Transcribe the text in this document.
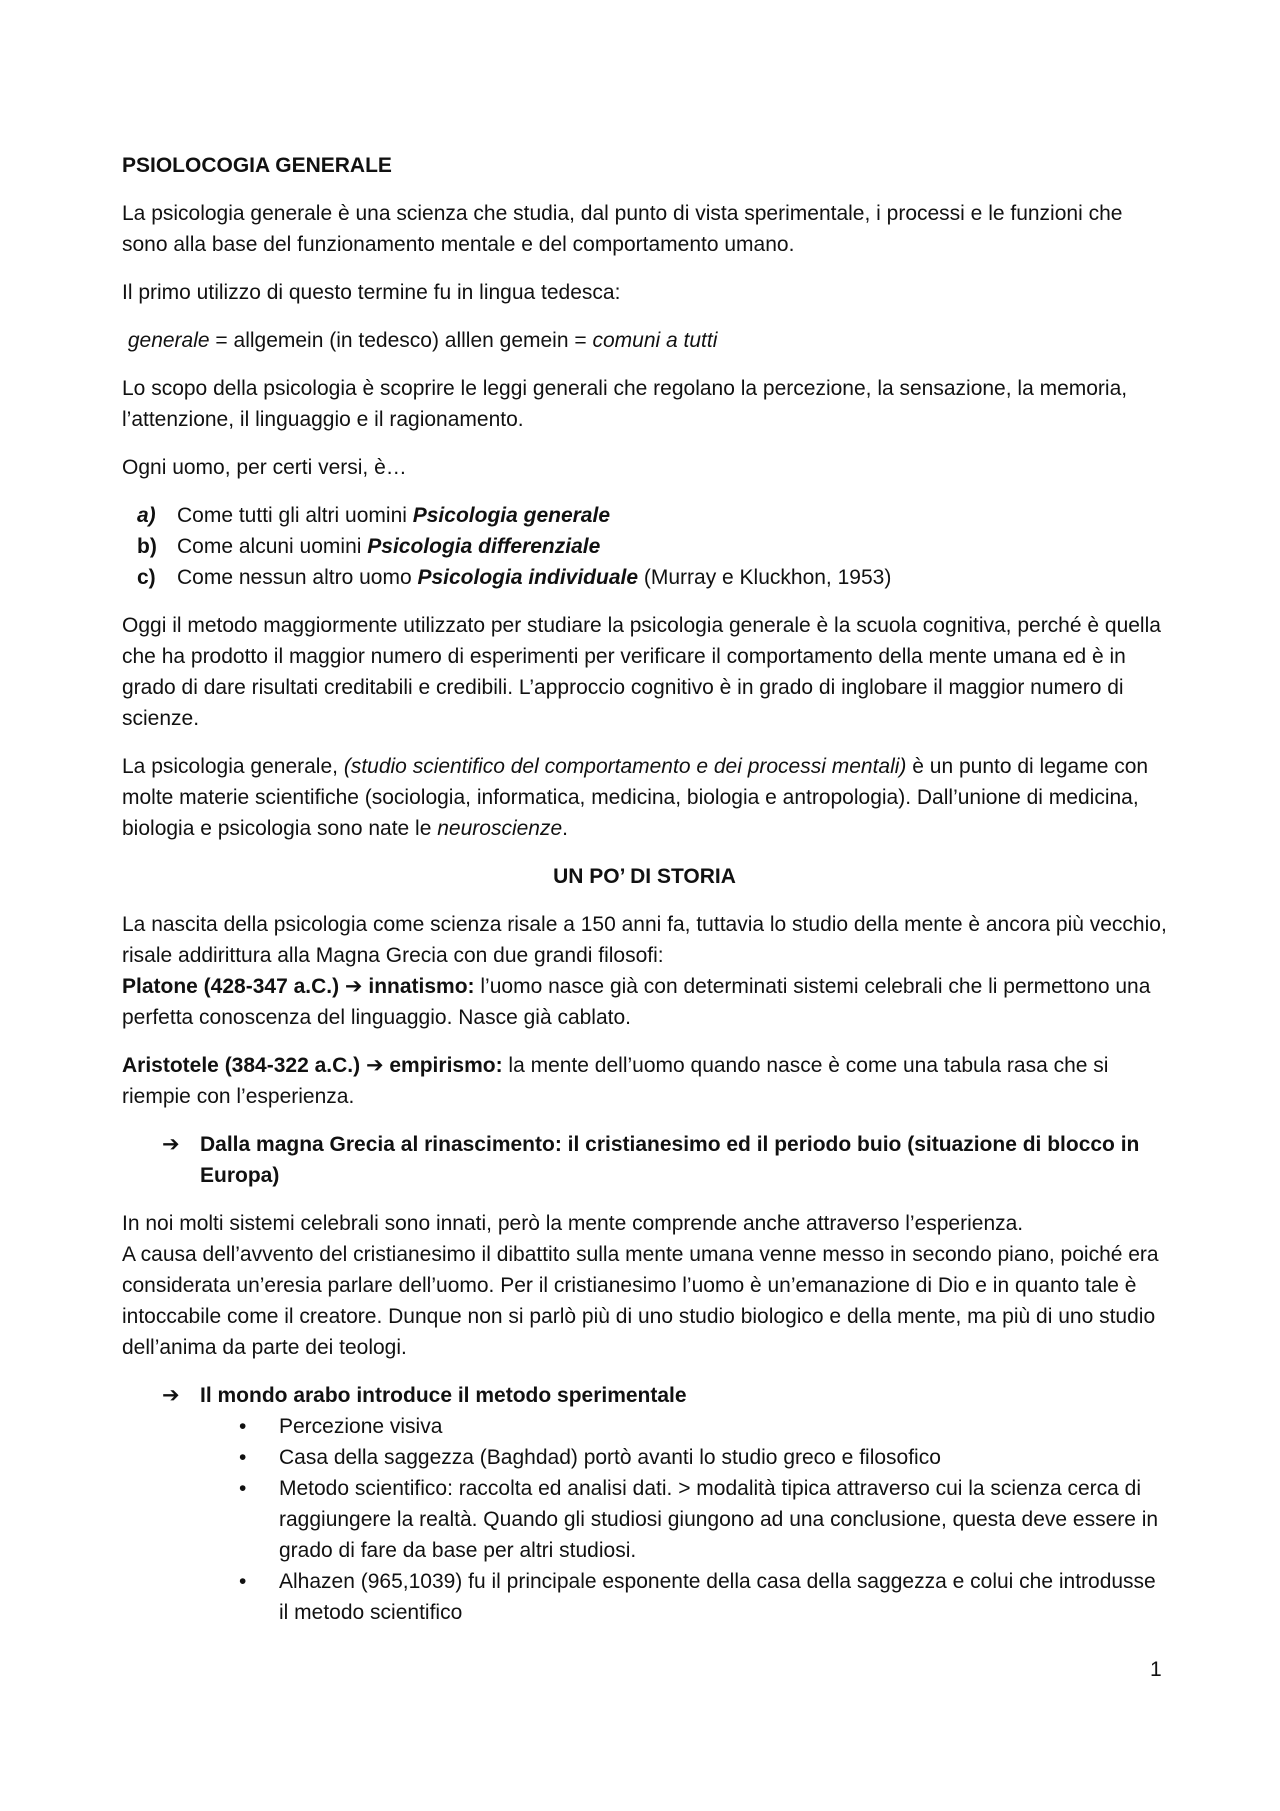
PSIOLOCOGIA GENERALE

La psicologia generale è una scienza che studia, dal punto di vista sperimentale, i processi e le funzioni che sono alla base del funzionamento mentale e del comportamento umano.

Il primo utilizzo di questo termine fu in lingua tedesca:

generale = allgemein (in tedesco) alllen gemein = comuni a tutti

Lo scopo della psicologia è scoprire le leggi generali che regolano la percezione, la sensazione, la memoria, l’attenzione, il linguaggio e il ragionamento.

Ogni uomo, per certi versi, è…

a) Come tutti gli altri uomini Psicologia generale
b) Come alcuni uomini Psicologia differenziale
c) Come nessun altro uomo Psicologia individuale (Murray e Kluckhon, 1953)

Oggi il metodo maggiormente utilizzato per studiare la psicologia generale è la scuola cognitiva, perché è quella che ha prodotto il maggior numero di esperimenti per verificare il comportamento della mente umana ed è in grado di dare risultati creditabili e credibili. L’approccio cognitivo è in grado di inglobare il maggior numero di scienze.

La psicologia generale, (studio scientifico del comportamento e dei processi mentali) è un punto di legame con molte materie scientifiche (sociologia, informatica, medicina, biologia e antropologia). Dall’unione di medicina, biologia e psicologia sono nate le neuroscienze.

UN PO’ DI STORIA

La nascita della psicologia come scienza risale a 150 anni fa, tuttavia lo studio della mente è ancora più vecchio, risale addirittura alla Magna Grecia con due grandi filosofi:

Platone (428-347 a.C.) ➔ innatismo: l’uomo nasce già con determinati sistemi celebrali che li permettono una perfetta conoscenza del linguaggio. Nasce già cablato.

Aristotele (384-322 a.C.) ➔ empirismo: la mente dell’uomo quando nasce è come una tabula rasa che si riempie con l’esperienza.

➔ Dalla magna Grecia al rinascimento: il cristianesimo ed il periodo buio (situazione di blocco in Europa)

In noi molti sistemi celebrali sono innati, però la mente comprende anche attraverso l’esperienza.

A causa dell’avvento del cristianesimo il dibattito sulla mente umana venne messo in secondo piano, poiché era considerata un’eresia parlare dell’uomo. Per il cristianesimo l’uomo è un’emanazione di Dio e in quanto tale è intoccabile come il creatore. Dunque non si parlò più di uno studio biologico e della mente, ma più di uno studio dell’anima da parte dei teologi.

➔ Il mondo arabo introduce il metodo sperimentale

• Percezione visiva
• Casa della saggezza (Baghdad) portò avanti lo studio greco e filosofico
• Metodo scientifico: raccolta ed analisi dati. > modalità tipica attraverso cui la scienza cerca di raggiungere la realtà. Quando gli studiosi giungono ad una conclusione, questa deve essere in grado di fare da base per altri studiosi.
• Alhazen (965,1039) fu il principale esponente della casa della saggezza e colui che introdusse il metodo scientifico
1
